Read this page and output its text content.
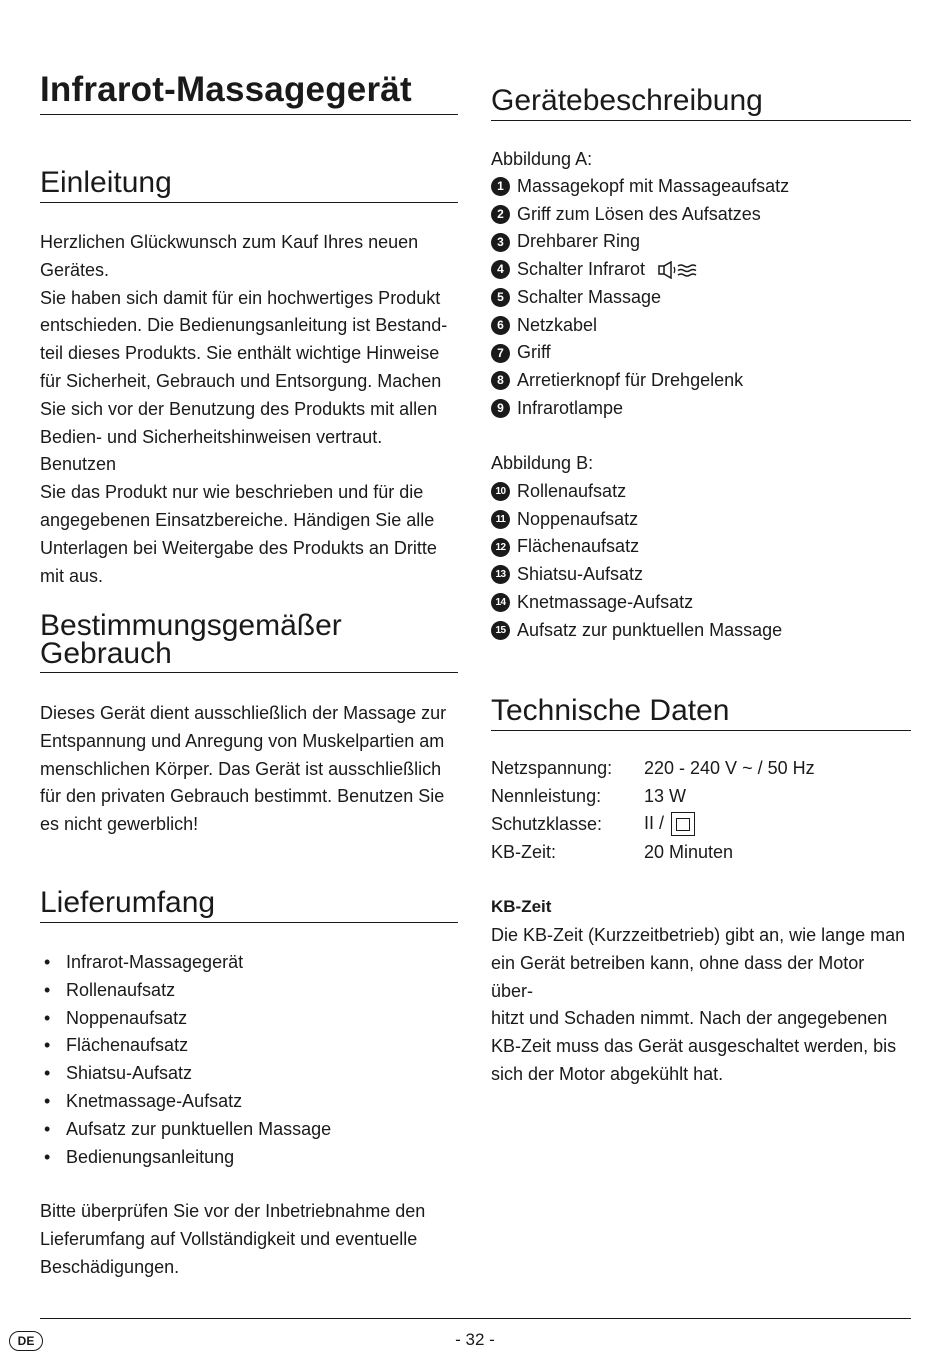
Infrarot-Massagegerät
Einleitung
Herzlichen Glückwunsch zum Kauf Ihres neuen
Gerätes.
Sie haben sich damit für ein hochwertiges Produkt
entschieden. Die Bedienungsanleitung ist Bestand-
teil dieses Produkts. Sie enthält wichtige Hinweise
für Sicherheit, Gebrauch und Entsorgung. Machen
Sie sich vor der Benutzung des Produkts mit allen
Bedien- und Sicherheitshinweisen vertraut. Benutzen
Sie das Produkt nur wie beschrieben und für die
angegebenen Einsatzbereiche. Händigen Sie alle
Unterlagen bei Weitergabe des Produkts an Dritte
mit aus.
Bestimmungsgemäßer
Gebrauch
Dieses Gerät dient ausschließlich der Massage zur
Entspannung und Anregung von Muskelpartien am
menschlichen Körper. Das Gerät ist ausschließlich
für den privaten Gebrauch bestimmt. Benutzen Sie
es nicht gewerblich!
Lieferumfang
• Infrarot-Massagegerät
• Rollenaufsatz
• Noppenaufsatz
• Flächenaufsatz
• Shiatsu-Aufsatz
• Knetmassage-Aufsatz
• Aufsatz zur punktuellen Massage
• Bedienungsanleitung
Bitte überprüfen Sie vor der Inbetriebnahme den
Lieferumfang auf Vollständigkeit und eventuelle
Beschädigungen.
Gerätebeschreibung
Abbildung A:
1 Massagekopf mit Massageaufsatz
2 Griff zum Lösen des Aufsatzes
3 Drehbarer Ring
4 Schalter Infrarot
5 Schalter Massage
6 Netzkabel
7 Griff
8 Arretierknopf für Drehgelenk
9 Infrarotlampe
Abbildung B:
10 Rollenaufsatz
11 Noppenaufsatz
12 Flächenaufsatz
13 Shiatsu-Aufsatz
14 Knetmassage-Aufsatz
15 Aufsatz zur punktuellen Massage
Technische Daten
Netzspannung:	220 - 240 V ~ / 50 Hz
Nennleistung:	13 W
Schutzklasse:	II /

KB-Zeit:	20 Minuten
KB-Zeit
Die KB-Zeit (Kurzzeitbetrieb) gibt an, wie lange man
ein Gerät betreiben kann, ohne dass der Motor über-
hitzt und Schaden nimmt. Nach der angegebenen
KB-Zeit muss das Gerät ausgeschaltet werden, bis
sich der Motor abgekühlt hat.
DE	- 32 -
